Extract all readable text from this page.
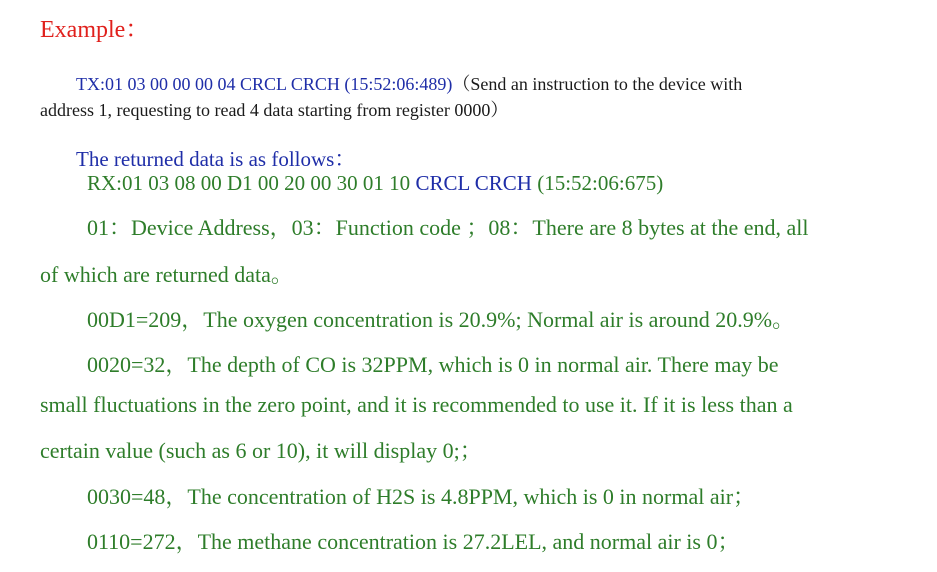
Example：
TX:01 03 00 00 00 04 CRCL CRCH (15:52:06:489)（Send an instruction to the device with
address 1, requesting to read 4 data starting from register 0000）
The returned data is as follows：
RX:01 03 08 00 D1 00 20 00 30 01 10 CRCL CRCH (15:52:06:675)
01：Device Address，03：Function code ；08：There are 8 bytes at the end, all
of which are returned data。
00D1=209，The oxygen concentration is 20.9%; Normal air is around 20.9%。
0020=32，The depth of CO is 32PPM, which is 0 in normal air. There may be
small fluctuations in the zero point, and it is recommended to use it. If it is less than a
certain value (such as 6 or 10), it will display 0;；
0030=48，The concentration of H2S is 4.8PPM, which is 0 in normal air；
0110=272，The methane concentration is 27.2LEL, and normal air is 0；
